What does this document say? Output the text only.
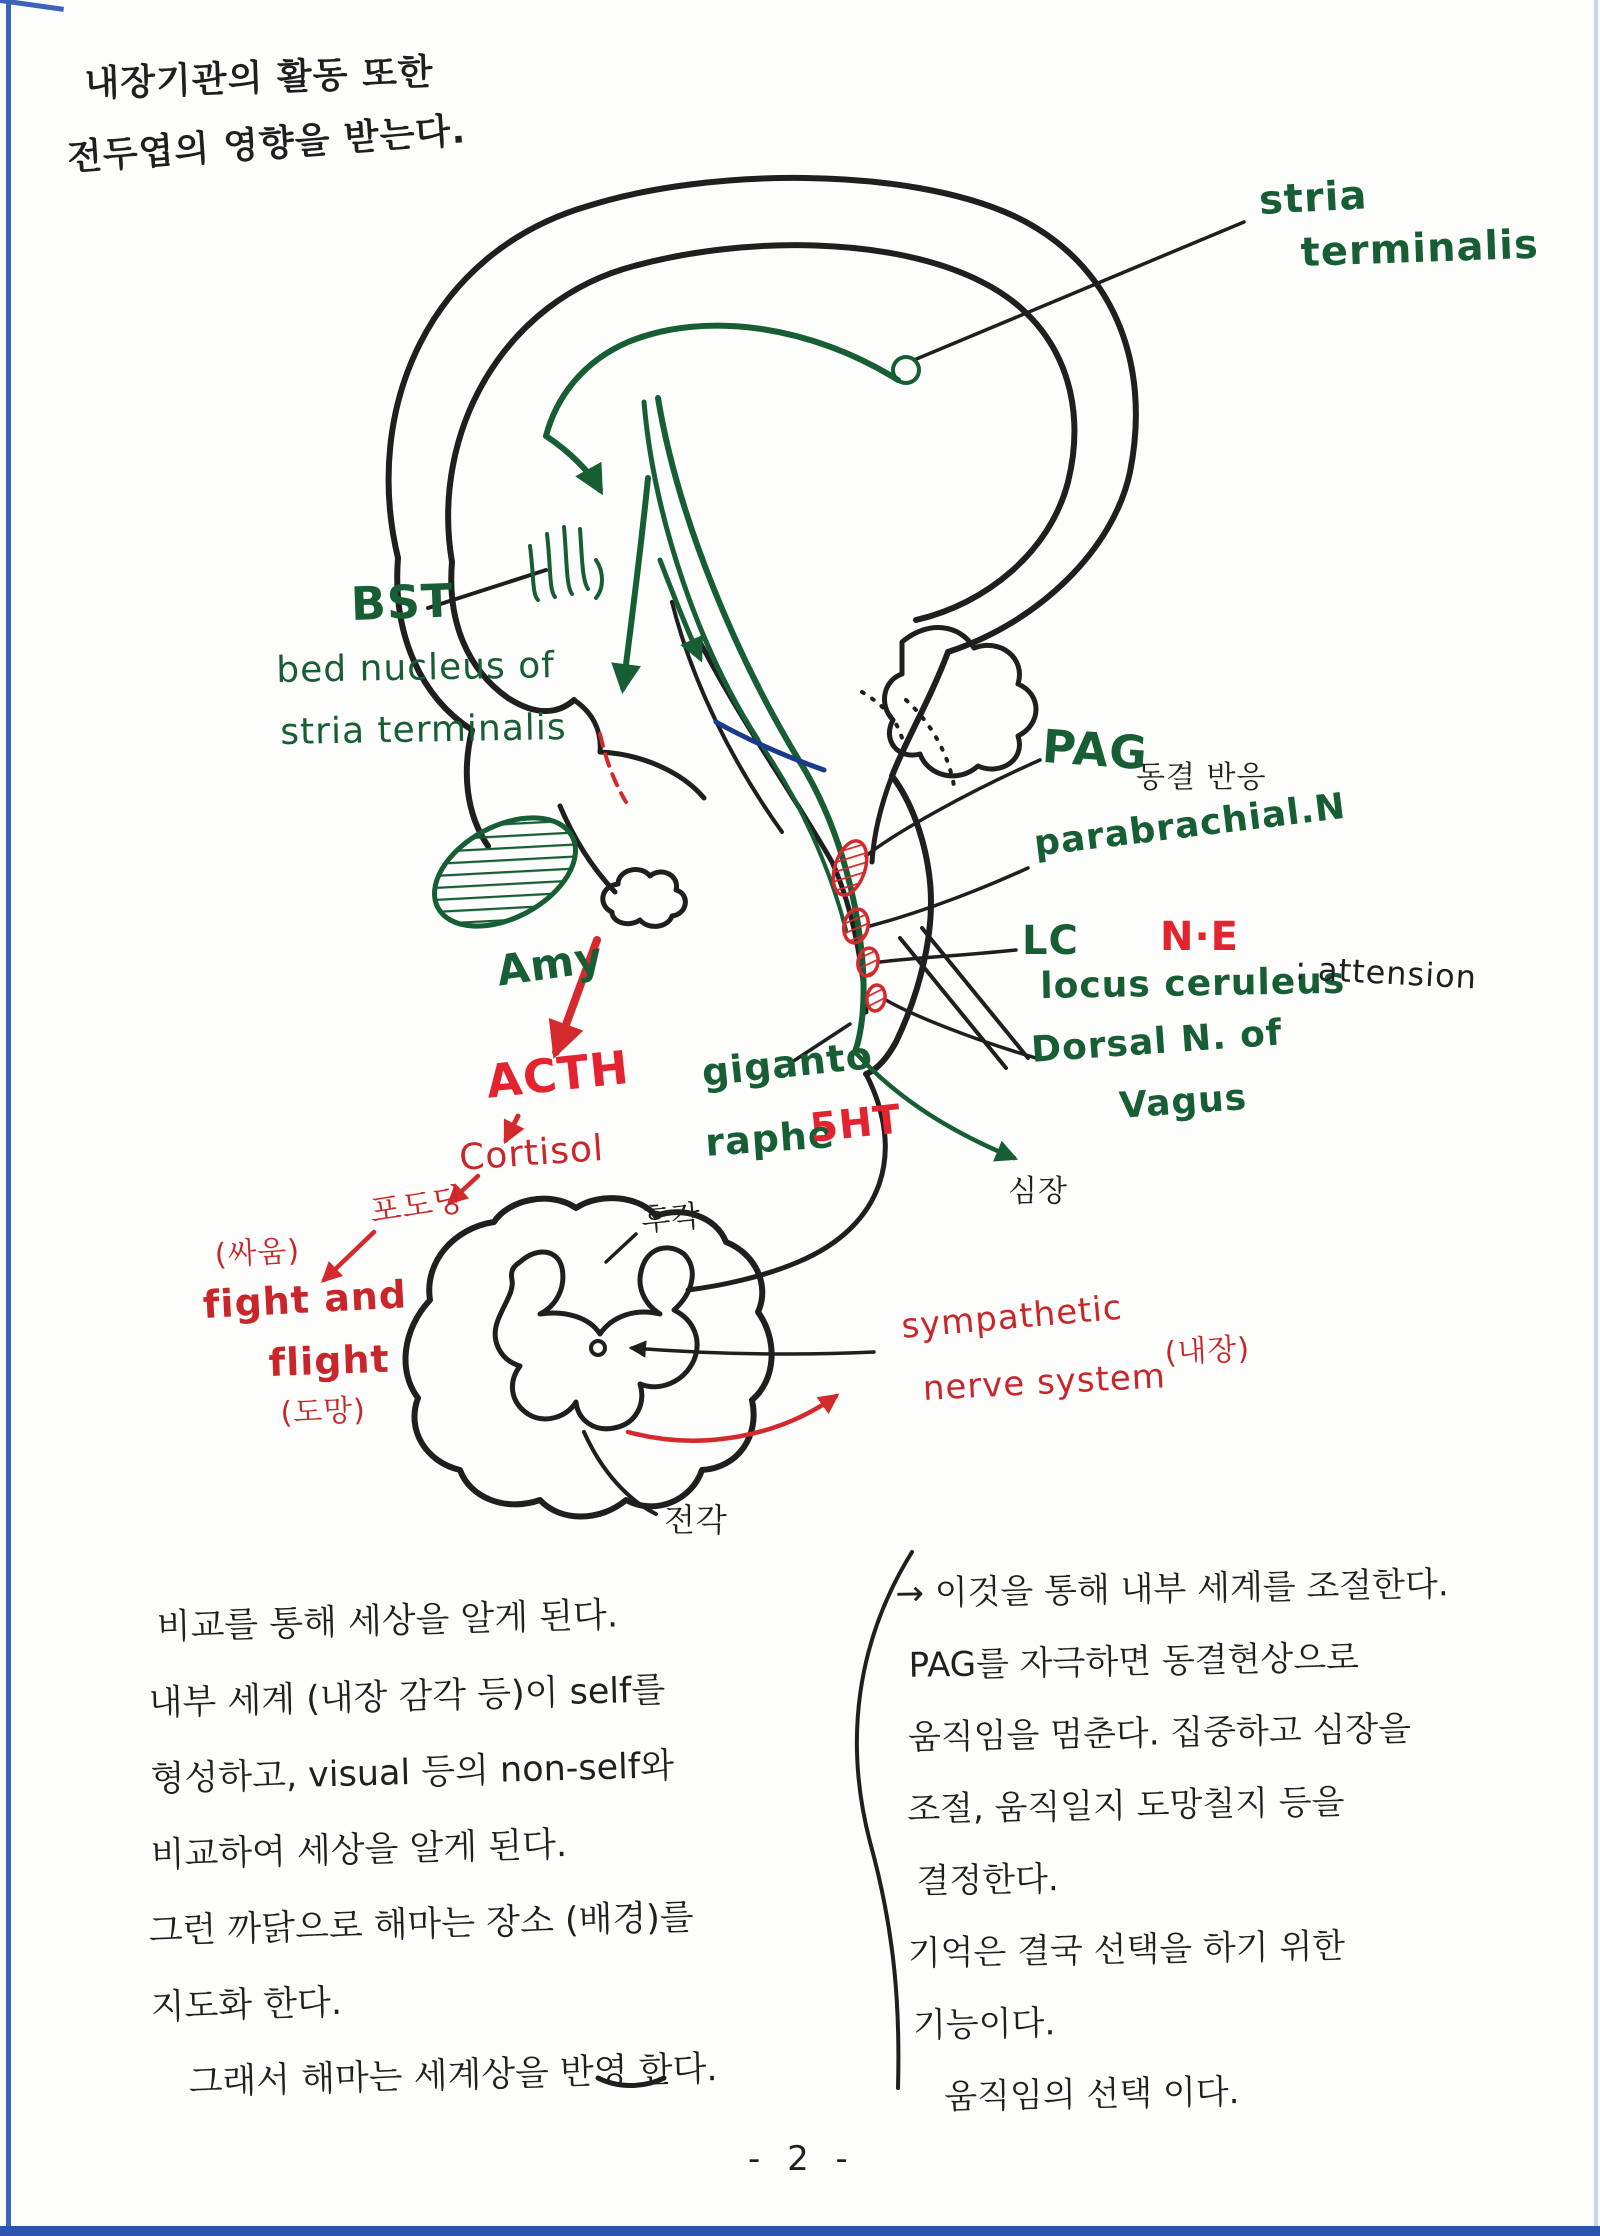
내장기관의 활동 또한
전두엽의 영향을 받는다.
stria
terminalis
BST
bed nucleus of
stria terminalis	PAG
동결 반응
parabrachial.N
LC N·E
locus ceruleus
: attension
Dorsal N. of
Vagus
giganto
raphe
5HT
심장
Amy
ACTH
Cortisol
포도당
(싸움)
fight and
flight
(도망)
후각
전각
sympathetic
nerve system
(내장)
비교를 통해 세상을 알게 된다.
내부 세계 (내장 감각 등)이 self를
형성하고, visual 등의 non-self와
비교하여 세상을 알게 된다.
그런 까닭으로 해마는 장소 (배경)를
지도화 한다.
그래서 해마는 세계상을 반영 한다.
→ 이것을 통해 내부 세계를 조절한다.
PAG를 자극하면 동결현상으로
움직임을 멈춘다. 집중하고 심장을
조절, 움직일지 도망칠지 등을
결정한다.
기억은 결국 선택을 하기 위한
기능이다.
움직임의 선택 이다.
- 2 -
